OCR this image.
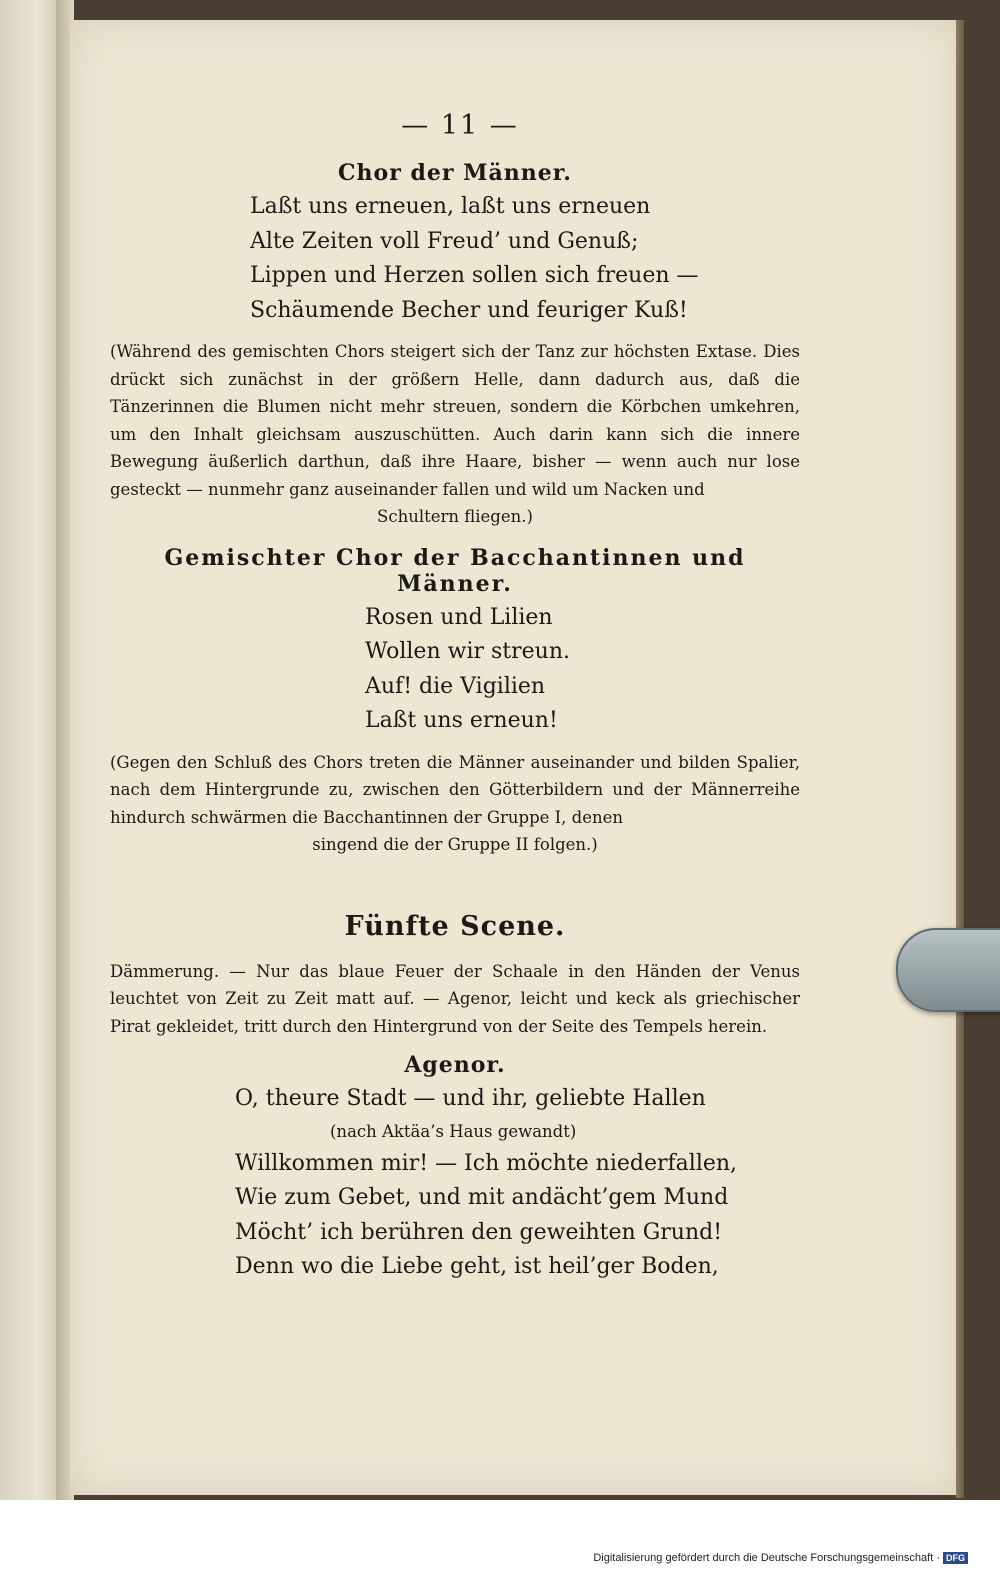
— 11 —
Chor der Männer.
Laßt uns erneuen, laßt uns erneuen
Alte Zeiten voll Freud’ und Genuß;
Lippen und Herzen sollen sich freuen —
Schäumende Becher und feuriger Kuß!
(Während des gemischten Chors steigert sich der Tanz zur höchsten Extase. Dies drückt sich zunächst in der größern Helle, dann dadurch aus, daß die Tänzerinnen die Blumen nicht mehr streuen, sondern die Körbchen umkehren, um den Inhalt gleichsam auszuschütten. Auch darin kann sich die innere Bewegung äußerlich darthun, daß ihre Haare, bisher — wenn auch nur lose gesteckt — nunmehr ganz auseinander fallen und wild um Nacken und
Schultern fliegen.)
Gemischter Chor der Bacchantinnen und Männer.
Rosen und Lilien
Wollen wir streun.
Auf! die Vigilien
Laßt uns erneun!
(Gegen den Schluß des Chors treten die Männer auseinander und bilden Spalier, nach dem Hintergrunde zu, zwischen den Götterbildern und der Männerreihe hindurch schwärmen die Bacchantinnen der Gruppe I, denen
singend die der Gruppe II folgen.)
Fünfte Scene.
Dämmerung. — Nur das blaue Feuer der Schaale in den Händen der Venus leuchtet von Zeit zu Zeit matt auf. — Agenor, leicht und keck als griechischer Pirat gekleidet, tritt durch den Hintergrund von der Seite des Tempels herein.
Agenor.
O, theure Stadt — und ihr, geliebte Hallen
(nach Aktäa’s Haus gewandt)
Willkommen mir! — Ich möchte niederfallen,
Wie zum Gebet, und mit andächt’gem Mund
Möcht’ ich berühren den geweihten Grund!
Denn wo die Liebe geht, ist heil’ger Boden,
Digitalisierung gefördert durch die Deutsche Forschungsgemeinschaft · DFG
